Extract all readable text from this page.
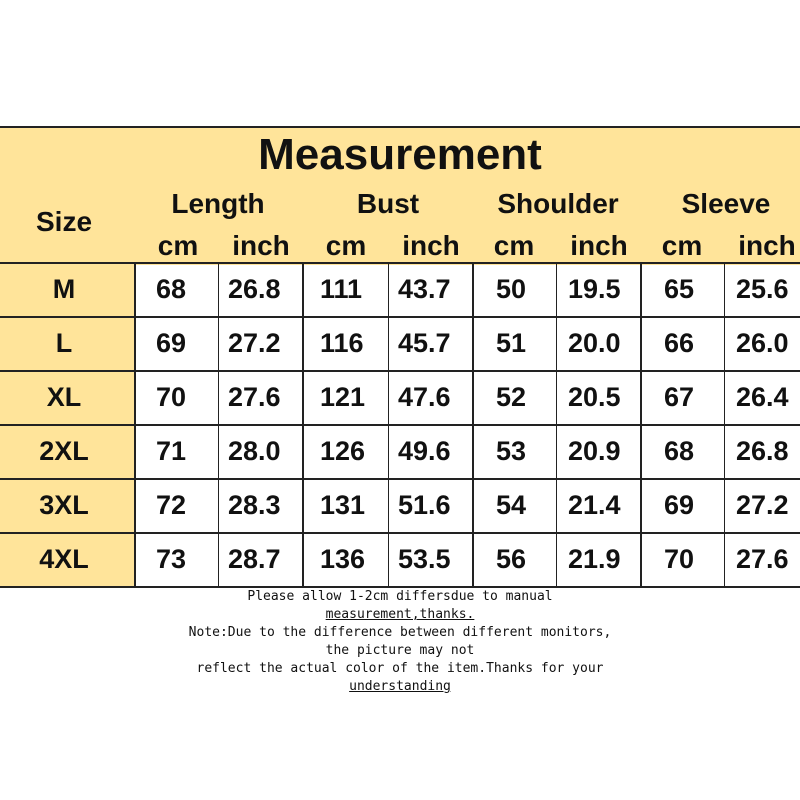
Measurement
Size
Length	Bust	Shoulder	Sleeve
cm inch cm inch cm inch cm inch
M	68 26.8 111 43.7 50 19.5 65 25.6
L	69 27.2 116 45.7 51 20.0 66 26.0
XL	70 27.6 121 47.6 52 20.5 67 26.4
2XL	71 28.0 126 49.6 53 20.9 68 26.8
3XL	72 28.3 131 51.6 54 21.4 69 27.2
4XL	73 28.7 136 53.5 56 21.9 70 27.6
Please allow 1-2cm differsdue to manual
measurement,thanks.
Note:Due to the difference between different monitors,
the picture may not
reflect the actual color of the item.Thanks for your
understanding
